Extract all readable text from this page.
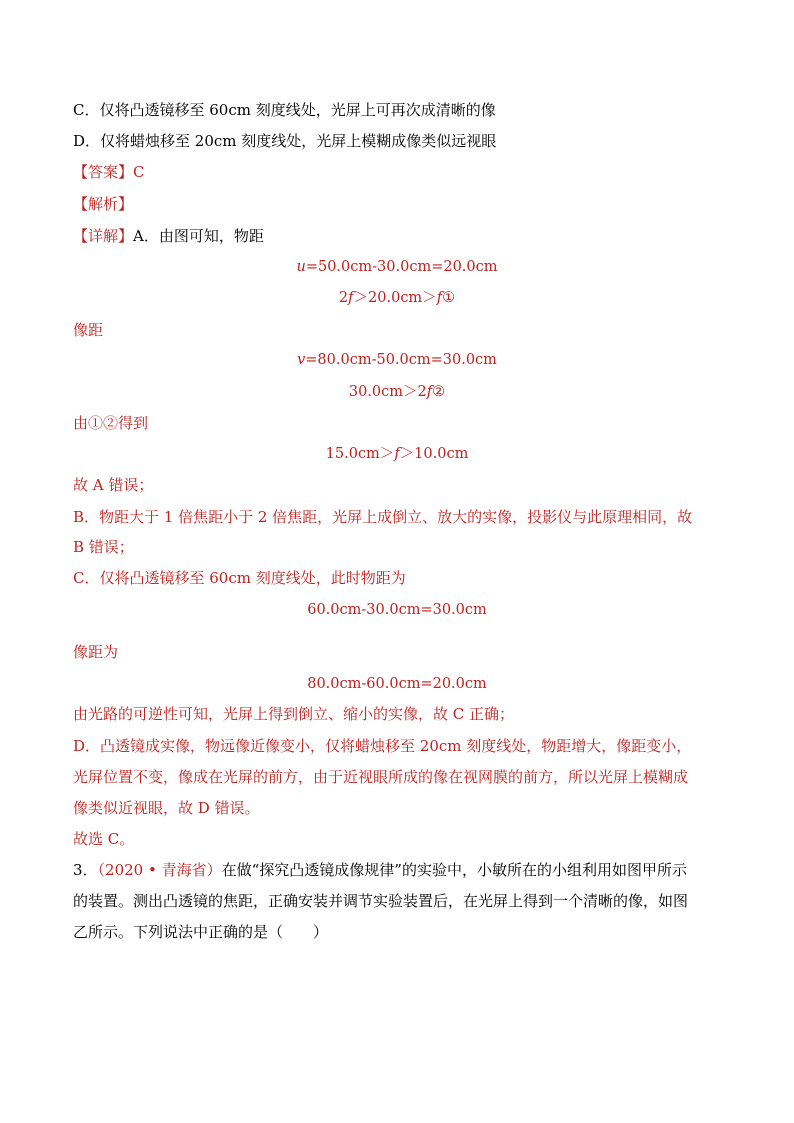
C．仅将凸透镜移至 60cm 刻度线处，光屏上可再次成清晰的像
D．仅将蜡烛移至 20cm 刻度线处，光屏上模糊成像类似远视眼
【答案】C
【解析】
【详解】A．由图可知，物距
u=50.0cm-30.0cm=20.0cm
2f＞20.0cm＞f①
像距
v=80.0cm-50.0cm=30.0cm
30.0cm＞2f②
由①②得到
15.0cm＞f＞10.0cm
故 A 错误；
B．物距大于 1 倍焦距小于 2 倍焦距，光屏上成倒立、放大的实像，投影仪与此原理相同，故
B 错误；
C．仅将凸透镜移至 60cm 刻度线处，此时物距为
60.0cm-30.0cm=30.0cm
像距为
80.0cm-60.0cm=20.0cm
由光路的可逆性可知，光屏上得到倒立、缩小的实像，故 C 正确；
D．凸透镜成实像，物远像近像变小，仅将蜡烛移至 20cm 刻度线处，物距增大，像距变小，
光屏位置不变，像成在光屏的前方，由于近视眼所成的像在视网膜的前方，所以光屏上模糊成
像类似近视眼，故 D 错误。
故选 C。
3．（2020 • 青海省）在做“探究凸透镜成像规律”的实验中，小敏所在的小组利用如图甲所示
的装置。测出凸透镜的焦距，正确安装并调节实验装置后，在光屏上得到一个清晰的像，如图
乙所示。下列说法中正确的是（　　）
